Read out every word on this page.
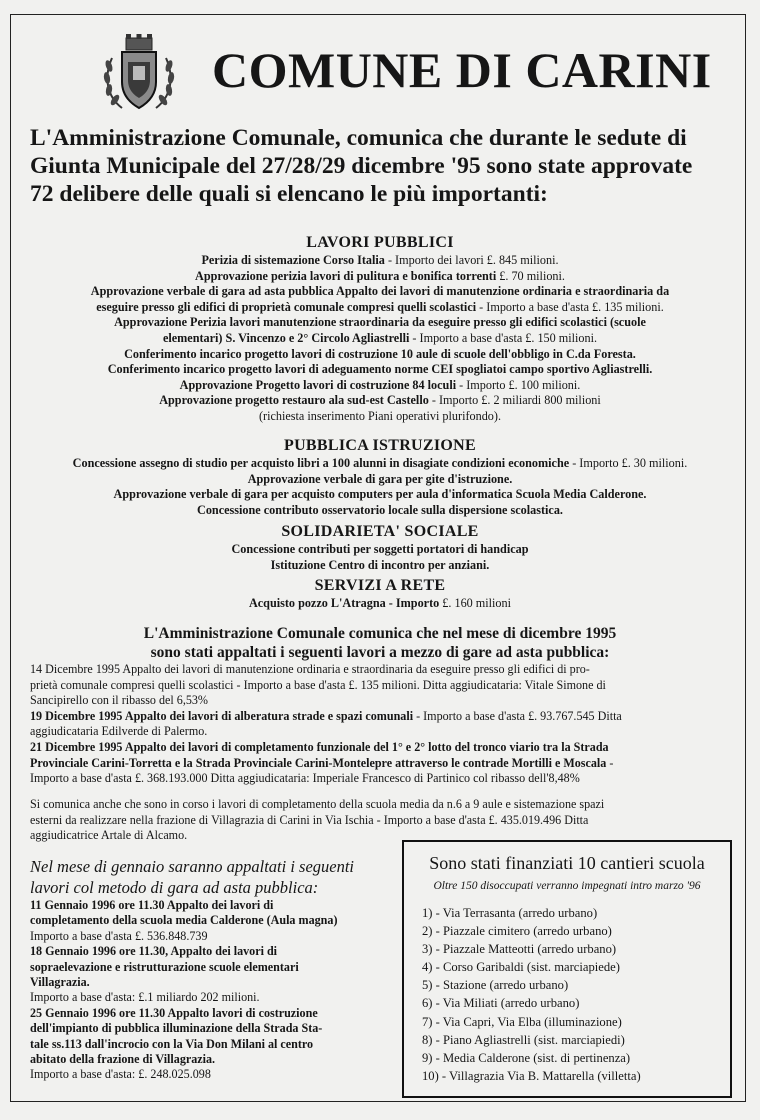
COMUNE DI CARINI
L'Amministrazione Comunale, comunica che durante le sedute di
Giunta Municipale del 27/28/29 dicembre '95 sono state approvate
72 delibere delle quali si elencano le più importanti:
LAVORI PUBBLICI
Perizia di sistemazione Corso Italia - Importo dei lavori £. 845 milioni.
Approvazione perizia lavori di pulitura e bonifica torrenti £. 70 milioni.
Approvazione verbale di gara ad asta pubblica Appalto dei lavori di manutenzione ordinaria e straordinaria da
eseguire presso gli edifici di proprietà comunale compresi quelli scolastici - Importo a base d'asta £. 135 milioni.
Approvazione Perizia lavori manutenzione straordinaria da eseguire presso gli edifici scolastici (scuole
elementari) S. Vincenzo e 2° Circolo Agliastrelli - Importo a base d'asta £. 150 milioni.
Conferimento incarico progetto lavori di costruzione 10 aule di scuole dell'obbligo in C.da Foresta.
Conferimento incarico progetto lavori di adeguamento norme CEI spogliatoi campo sportivo Agliastrelli.
Approvazione Progetto lavori di costruzione 84 loculi - Importo £. 100 milioni.
Approvazione progetto restauro ala sud-est Castello - Importo £. 2 miliardi 800 milioni
(richiesta inserimento Piani operativi plurifondo).
PUBBLICA ISTRUZIONE
Concessione assegno di studio per acquisto libri a 100 alunni in disagiate condizioni economiche - Importo £. 30 milioni.
Approvazione verbale di gara per gite d'istruzione.
Approvazione verbale di gara per acquisto computers per aula d'informatica Scuola Media Calderone.
Concessione contributo osservatorio locale sulla dispersione scolastica.
SOLIDARIETA' SOCIALE
Concessione contributi per soggetti portatori di handicap
Istituzione Centro di incontro per anziani.
SERVIZI A RETE
Acquisto pozzo L'Atragna - Importo £. 160 milioni
L'Amministrazione Comunale comunica che nel mese di dicembre 1995
sono stati appaltati i seguenti lavori a mezzo di gare ad asta pubblica:
14 Dicembre 1995 Appalto dei lavori di manutenzione ordinaria e straordinaria da eseguire presso gli edifici di pro-
prietà comunale compresi quelli scolastici - Importo a base d'asta £. 135 milioni. Ditta aggiudicataria: Vitale Simone di
Sancipirello con il ribasso del 6,53%
19 Dicembre 1995 Appalto dei lavori di alberatura strade e spazi comunali - Importo a base d'asta £. 93.767.545 Ditta
aggiudicataria Edilverde di Palermo.
21 Dicembre 1995 Appalto dei lavori di completamento funzionale del 1° e 2° lotto del tronco viario tra la Strada
Provinciale Carini-Torretta e la Strada Provinciale Carini-Montelepre attraverso le contrade Mortilli e Moscala -
Importo a base d'asta £. 368.193.000 Ditta aggiudicataria: Imperiale Francesco di Partinico col ribasso dell'8,48%
Si comunica anche che sono in corso i lavori di completamento della scuola media da n.6 a 9 aule e sistemazione spazi
esterni da realizzare nella frazione di Villagrazia di Carini in Via Ischia - Importo a base d'asta £. 435.019.496 Ditta
aggiudicatrice Artale di Alcamo.
Nel mese di gennaio saranno appaltati i seguenti
lavori col metodo di gara ad asta pubblica:
11 Gennaio 1996 ore 11.30 Appalto dei lavori di
completamento della scuola media Calderone (Aula magna)
Importo a base d'asta £. 536.848.739
18 Gennaio 1996 ore 11.30, Appalto dei lavori di
sopraelevazione e ristrutturazione scuole elementari
Villagrazia.
Importo a base d'asta: £.1 miliardo 202 milioni.
25 Gennaio 1996 ore 11.30 Appalto lavori di costruzione
dell'impianto di pubblica illuminazione della Strada Sta-
tale ss.113 dall'incrocio con la Via Don Milani al centro
abitato della frazione di Villagrazia.
Importo a base d'asta: £. 248.025.098
Sono stati finanziati 10 cantieri scuola
Oltre 150 disoccupati verranno impegnati intro marzo '96
1) - Via Terrasanta (arredo urbano)
2) - Piazzale cimitero (arredo urbano)
3) - Piazzale Matteotti (arredo urbano)
4) - Corso Garibaldi (sist. marciapiede)
5) - Stazione (arredo urbano)
6) - Via Miliati (arredo urbano)
7) - Via Capri, Via Elba (illuminazione)
8) - Piano Agliastrelli (sist. marciapiedi)
9) - Media Calderone (sist. di pertinenza)
10) - Villagrazia Via B. Mattarella (villetta)
